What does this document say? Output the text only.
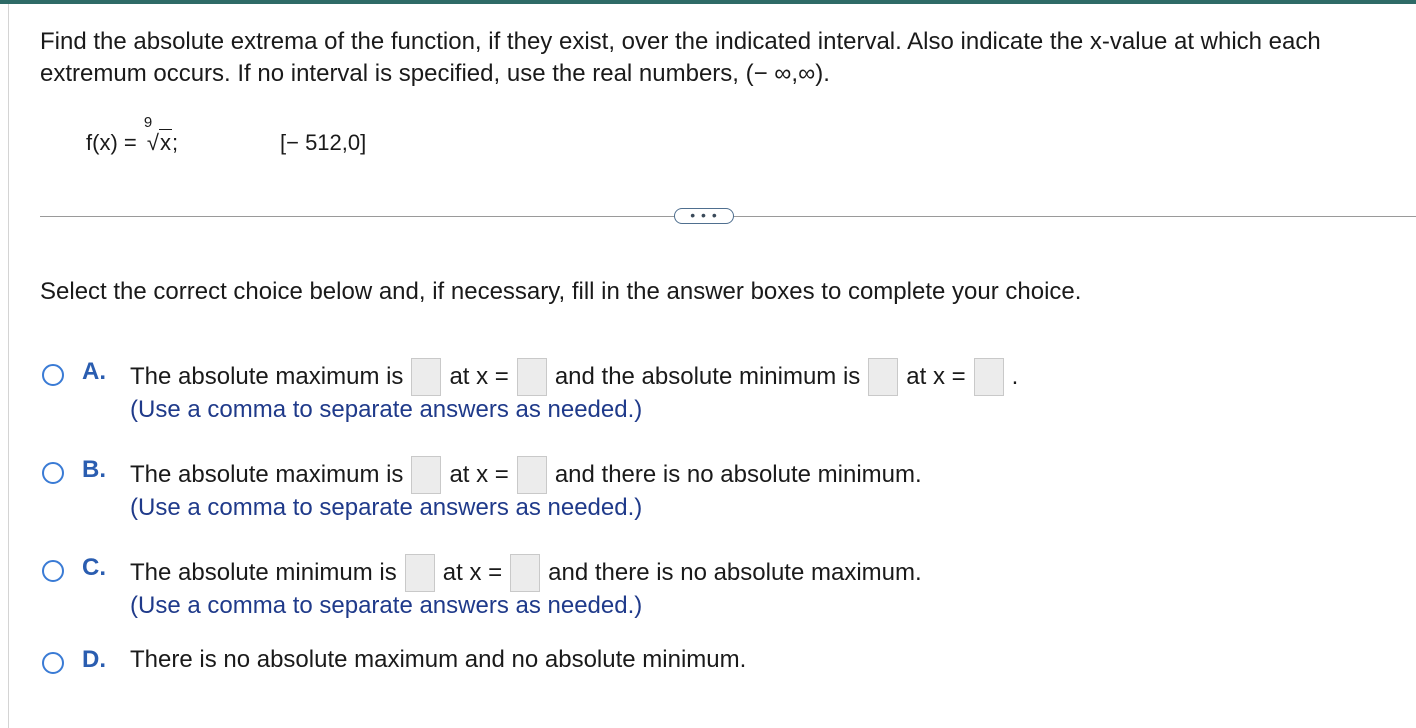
Find the absolute extrema of the function, if they exist, over the indicated interval. Also indicate the x-value at which each extremum occurs. If no interval is specified, use the real numbers, (− ∞,∞).
f(x) =
9
√x;	[− 512,0]
• • •
Select the correct choice below and, if necessary, fill in the answer boxes to complete your choice.
A. The absolute maximum is at x = and the absolute minimum is at x = .
(Use a comma to separate answers as needed.)
B. The absolute maximum is at x = and there is no absolute minimum.
(Use a comma to separate answers as needed.)
C. The absolute minimum is at x = and there is no absolute maximum.
(Use a comma to separate answers as needed.)
D. There is no absolute maximum and no absolute minimum.
